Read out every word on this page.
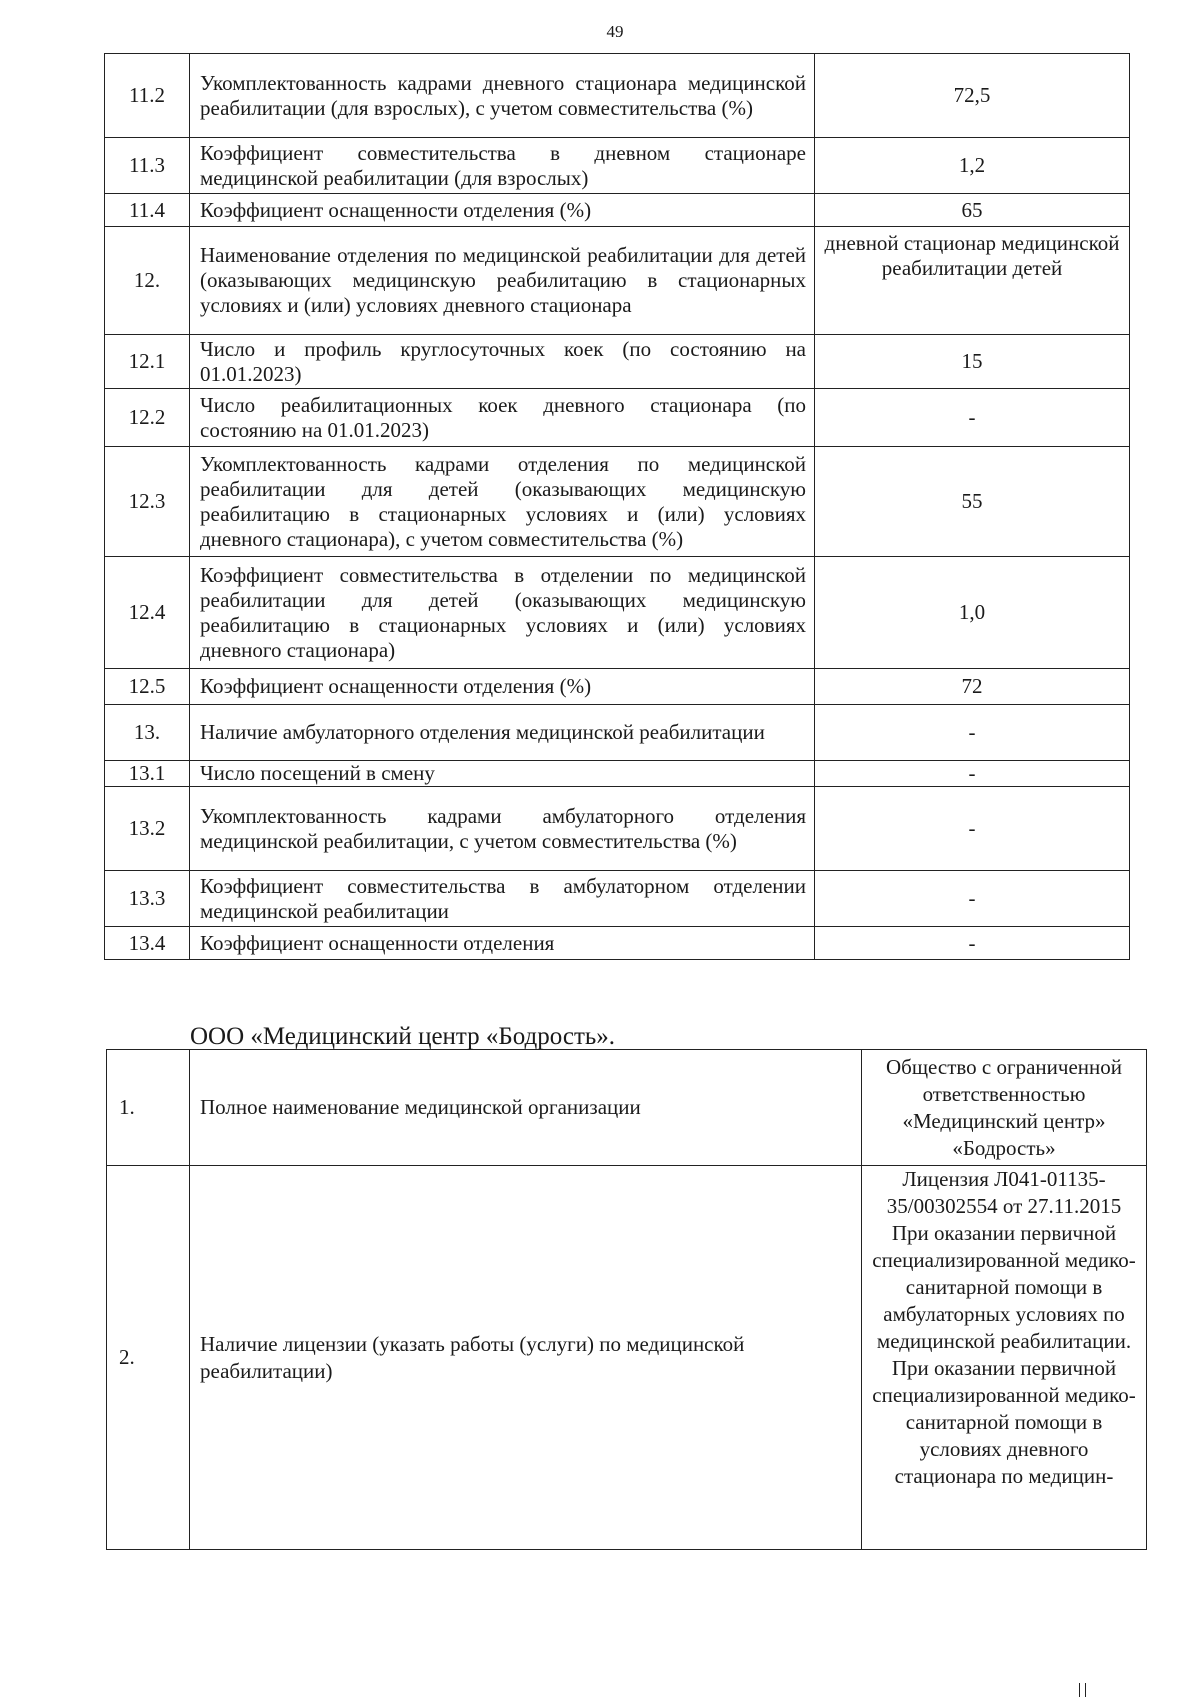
49
11.2	Укомплектованность кадрами дневного стационара медицинской реабилитации (для взрослых), с учетом совместительства (%)	72,5
11.3	Коэффициент совместительства в дневном стационаре медицинской реабилитации (для взрослых)	1,2
11.4	Коэффициент оснащенности отделения (%)	65
12.	Наименование отделения по медицинской реабилитации для детей (оказывающих медицинскую реабилитацию в стационарных условиях и (или) условиях дневного стационара	дневной стационар медицинской реабилитации детей
12.1	Число и профиль круглосуточных коек (по состоянию на 01.01.2023)	15
12.2	Число реабилитационных коек дневного стационара (по состоянию на 01.01.2023)	-
12.3	Укомплектованность кадрами отделения по медицинской реабилитации для детей (оказывающих медицинскую реабилитацию в стационарных условиях и (или) условиях дневного стационара), с учетом совместительства (%)	55
12.4	Коэффициент совместительства в отделении по медицинской реабилитации для детей (оказывающих медицинскую реабилитацию в стационарных условиях и (или) условиях дневного стационара)	1,0
12.5	Коэффициент оснащенности отделения (%)	72
13.	Наличие амбулаторного отделения медицинской реабилитации	-
13.1	Число посещений в смену	-
13.2	Укомплектованность кадрами амбулаторного отделения медицинской реабилитации, с учетом совместительства (%)	-
13.3	Коэффициент совместительства в амбулаторном отделении медицинской реабилитации	-
13.4	Коэффициент оснащенности отделения	-
ООО «Медицинский центр «Бодрость».
1.	Полное наименование медицинской организации	Общество с ограниченной ответственностью «Медицинский центр» «Бодрость»
2.	Наличие лицензии (указать работы (услуги) по медицинской реабилитации)	Лицензия Л041-01135-35/00302554 от 27.11.2015 При оказании первичной специализированной медико-санитарной помощи в амбулаторных условиях по медицинской реабилитации. При оказании первичной специализированной медико-санитарной помощи в условиях дневного стационара по медицин-
